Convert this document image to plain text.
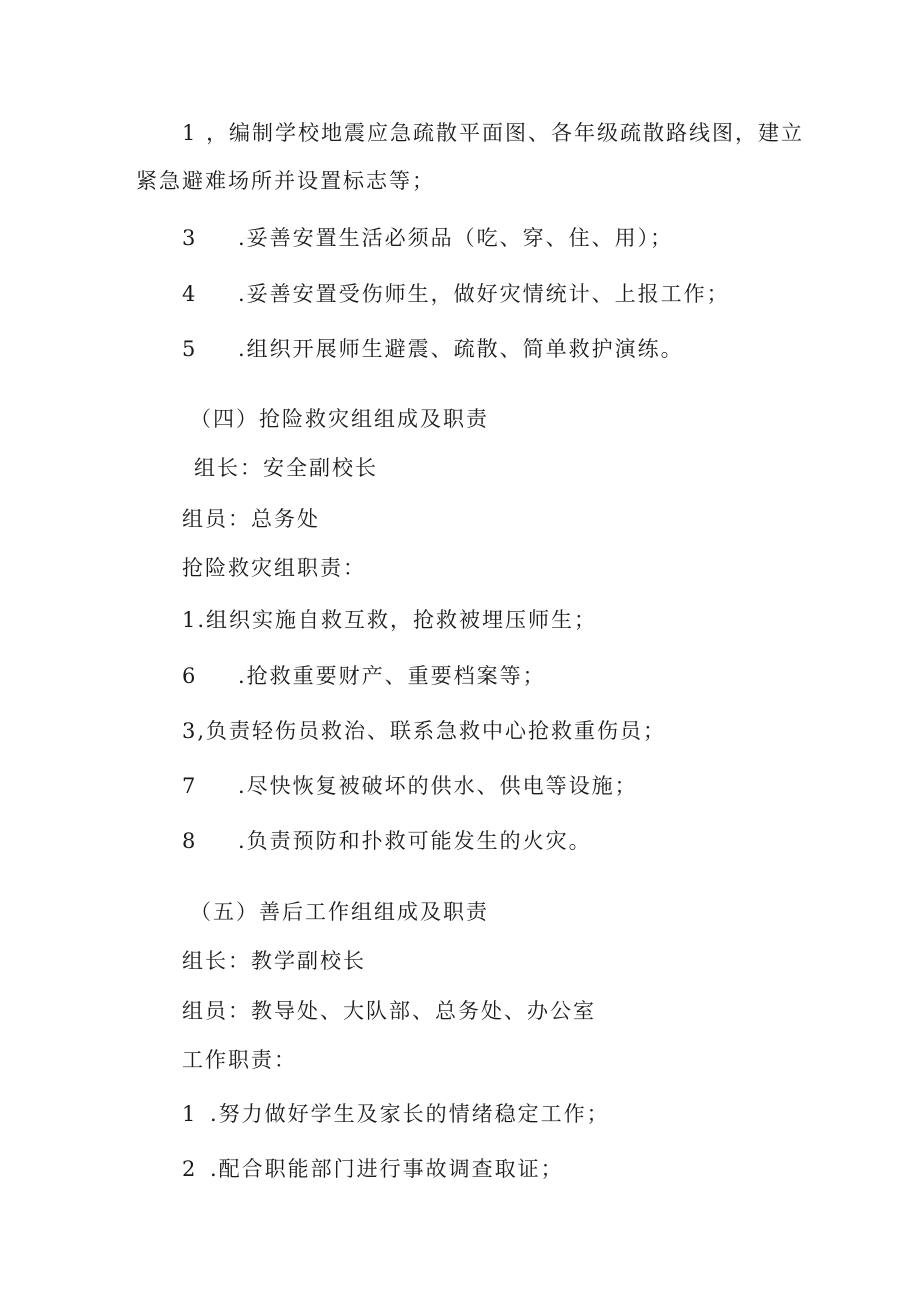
1 ，编制学校地震应急疏散平面图、各年级疏散路线图，建立
紧急避难场所并设置标志等；
3 .妥善安置生活必须品（吃、穿、住、用）；
4 .妥善安置受伤师生，做好灾情统计、上报工作；
5 .组织开展师生避震、疏散、简单救护演练。
（四）抢险救灾组组成及职责
组长：安全副校长
组员：总务处
抢险救灾组职责：
1.组织实施自救互救，抢救被埋压师生；
6 .抢救重要财产、重要档案等；
3,负责轻伤员救治、联系急救中心抢救重伤员；
7 .尽快恢复被破坏的供水、供电等设施；
8 .负责预防和扑救可能发生的火灾。
（五）善后工作组组成及职责
组长：教学副校长
组员：教导处、大队部、总务处、办公室
工作职责：
1 .努力做好学生及家长的情绪稳定工作；
2 .配合职能部门进行事故调查取证；
